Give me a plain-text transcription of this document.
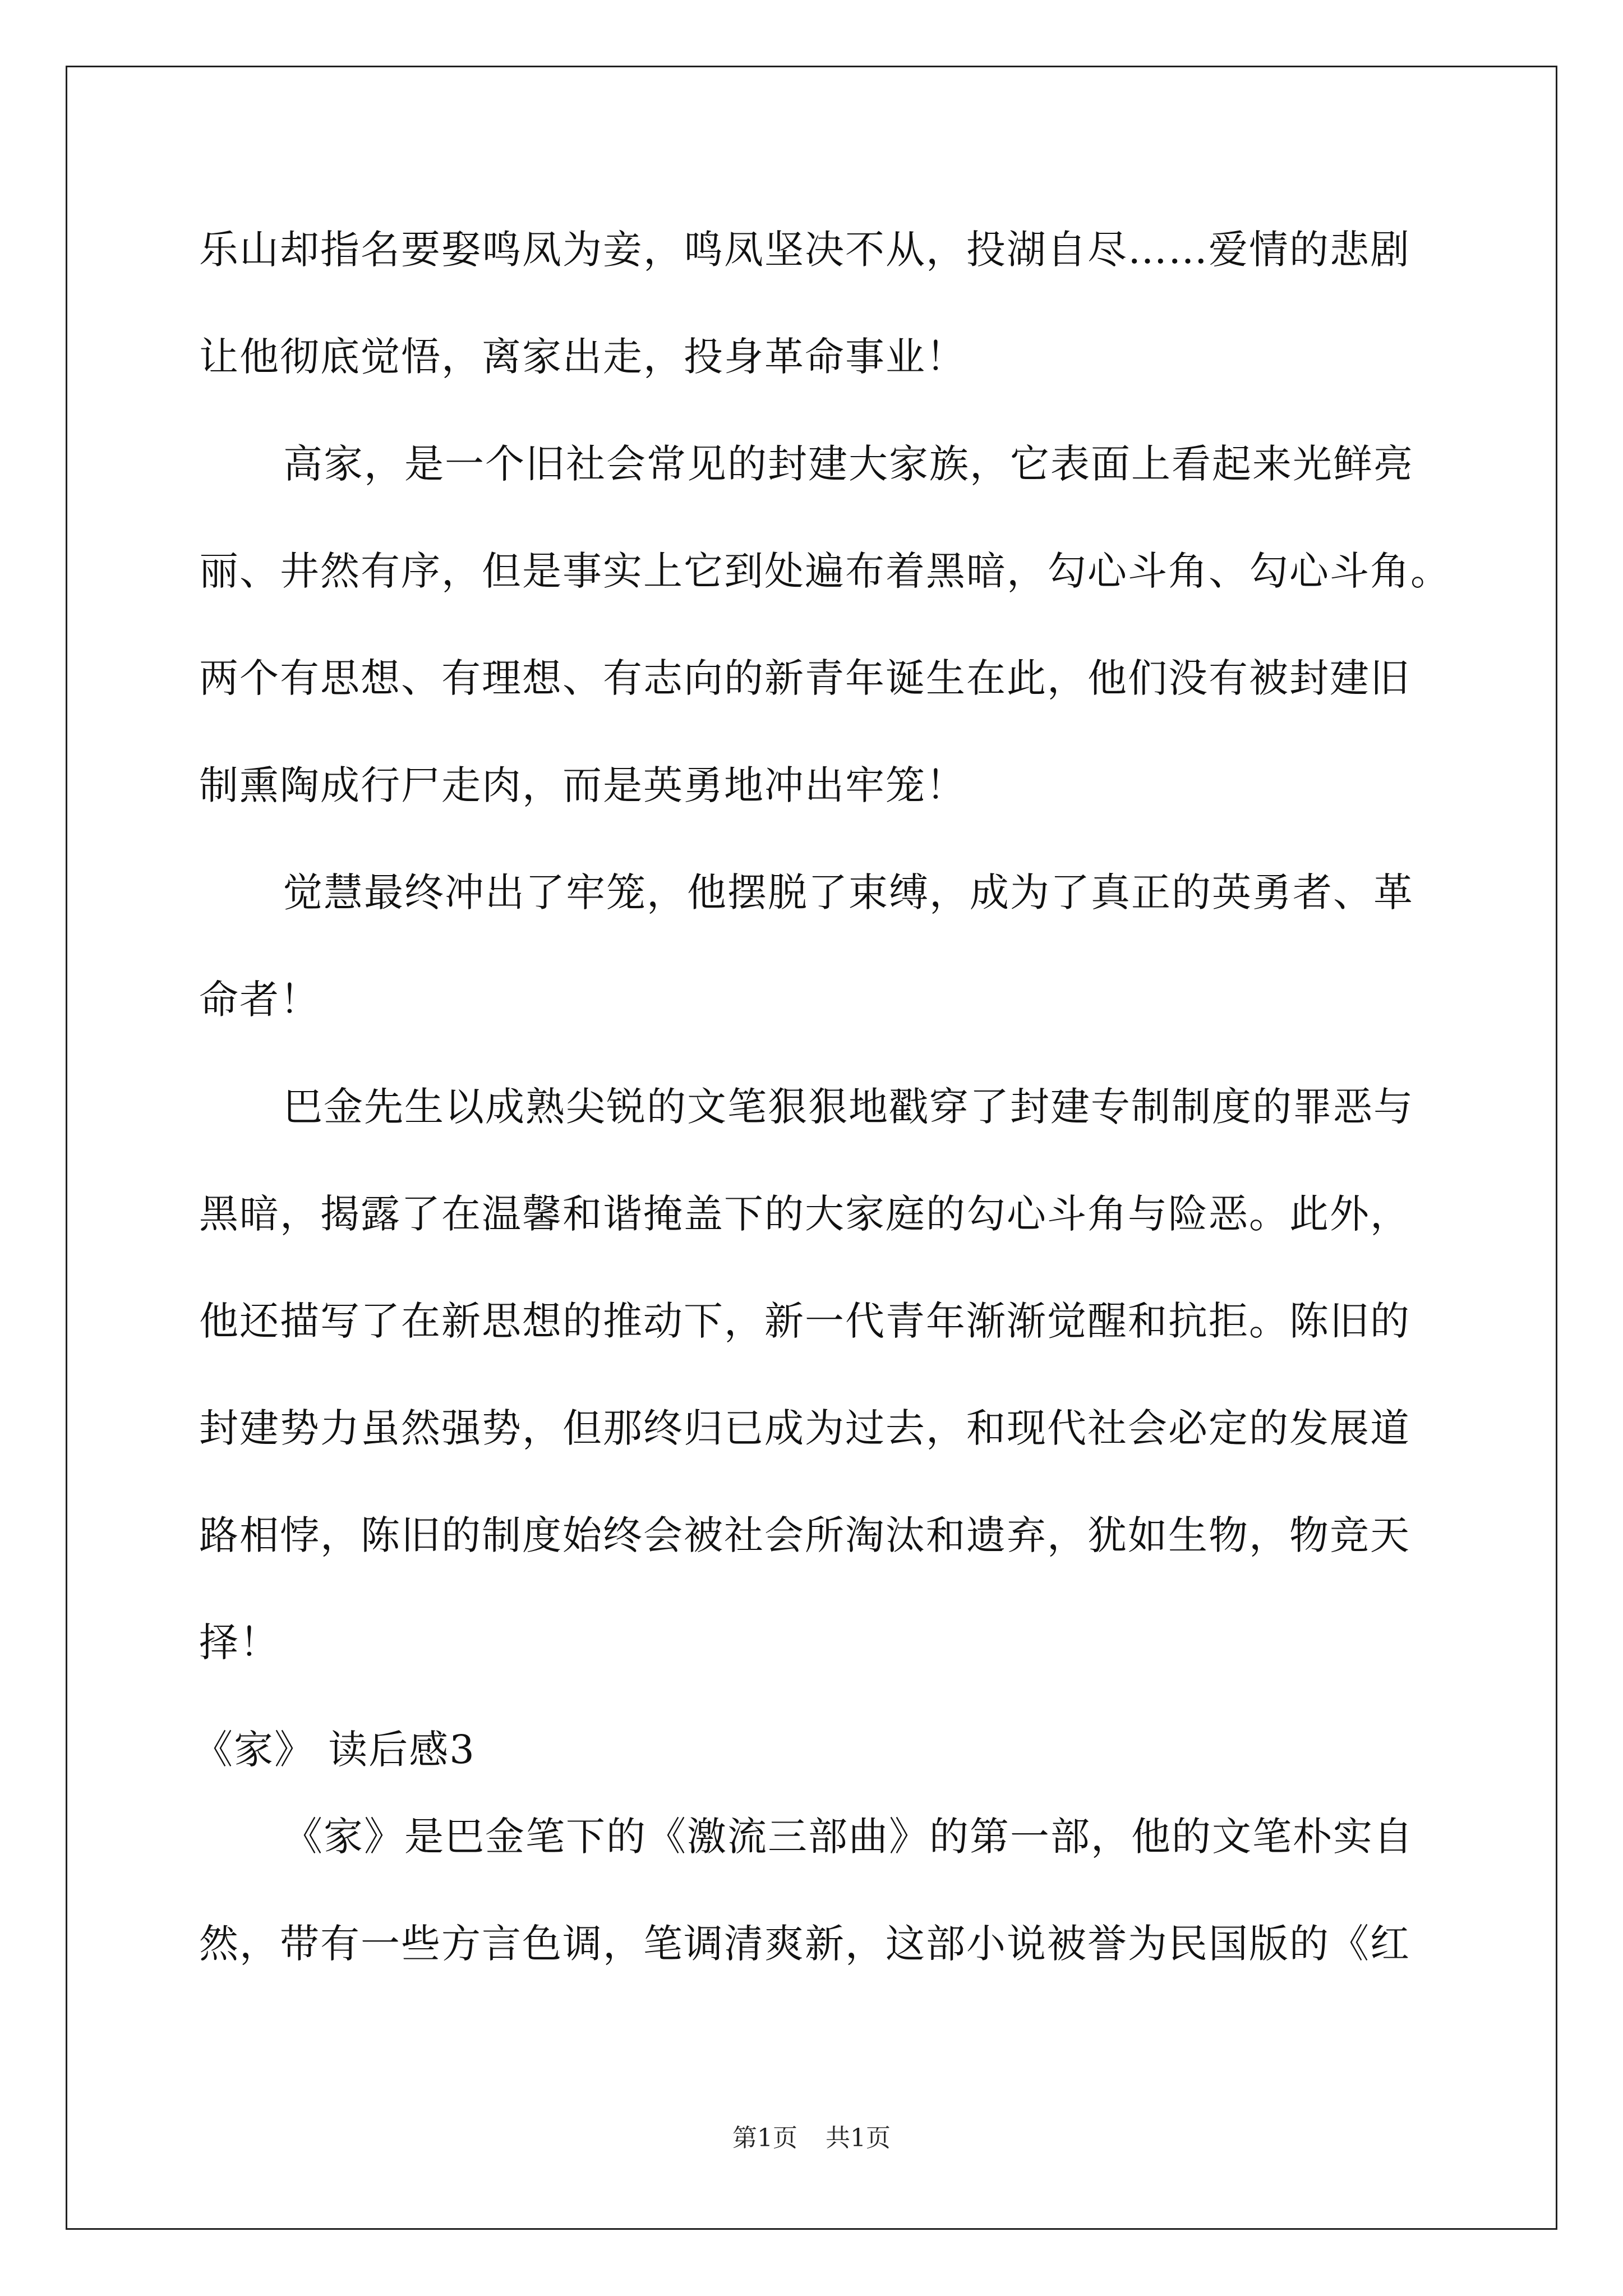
乐山却指名要娶鸣凤为妾，鸣凤坚决不从，投湖自尽……爱情的悲剧
让他彻底觉悟，离家出走，投身革命事业！
高家，是一个旧社会常见的封建大家族，它表面上看起来光鲜亮
丽、井然有序，但是事实上它到处遍布着黑暗，勾心斗角、勾心斗角。
两个有思想、有理想、有志向的新青年诞生在此，他们没有被封建旧
制熏陶成行尸走肉，而是英勇地冲出牢笼！
觉慧最终冲出了牢笼，他摆脱了束缚，成为了真正的英勇者、革
命者！
巴金先生以成熟尖锐的文笔狠狠地戳穿了封建专制制度的罪恶与
黑暗，揭露了在温馨和谐掩盖下的大家庭的勾心斗角与险恶。此外，
他还描写了在新思想的推动下，新一代青年渐渐觉醒和抗拒。陈旧的
封建势力虽然强势，但那终归已成为过去，和现代社会必定的发展道
路相悖，陈旧的制度始终会被社会所淘汰和遗弃，犹如生物，物竞天
择！
《家》 读后感3
《家》是巴金笔下的《激流三部曲》的第一部，他的文笔朴实自
然，带有一些方言色调，笔调清爽新，这部小说被誉为民国版的《红
第1页 共1页
